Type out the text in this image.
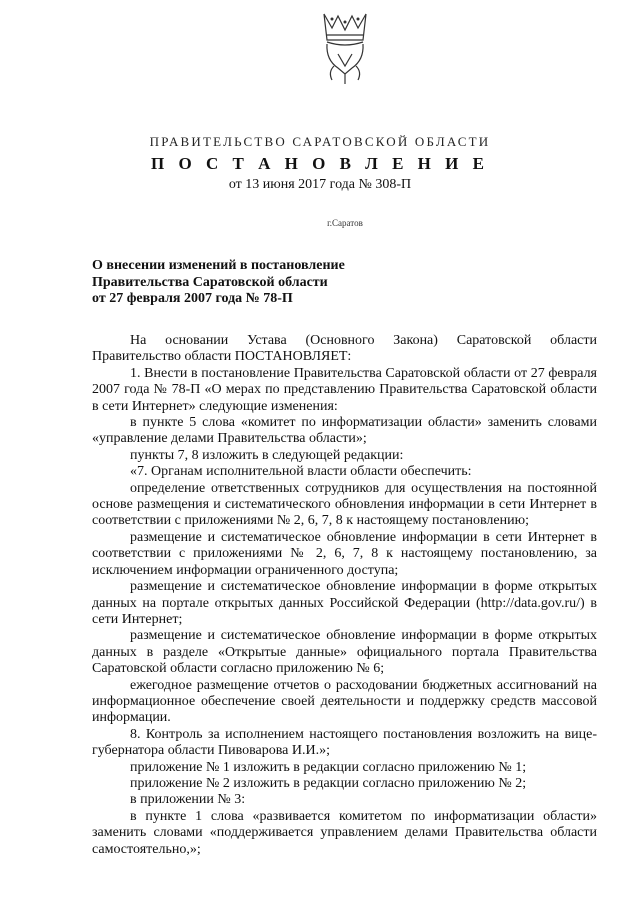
ПРАВИТЕЛЬСТВО САРАТОВСКОЙ ОБЛАСТИ
П О С Т А Н О В Л Е Н И Е
от 13 июня 2017 года № 308-П
г.Саратов
О внесении изменений в постановление
Правительства Саратовской области
от 27 февраля 2007 года № 78-П

На основании Устава (Основного Закона) Саратовской области Правительство области ПОСТАНОВЛЯЕТ:

1. Внести в постановление Правительства Саратовской области от 27 февраля 2007 года № 78-П «О мерах по представлению Правительства Саратовской области в сети Интернет» следующие изменения:

в пункте 5 слова «комитет по информатизации области» заменить словами «управление делами Правительства области»;

пункты 7, 8 изложить в следующей редакции:

«7. Органам исполнительной власти области обеспечить:

определение ответственных сотрудников для осуществления на постоянной основе размещения и систематического обновления информации в сети Интернет в соответствии с приложениями № 2, 6, 7, 8 к настоящему постановлению;

размещение и систематическое обновление информации в сети Интернет в соответствии с приложениями № 2, 6, 7, 8 к настоящему постановлению, за исключением информации ограниченного доступа;

размещение и систематическое обновление информации в форме открытых данных на портале открытых данных Российской Федерации (http://data.gov.ru/) в сети Интернет;

размещение и систематическое обновление информации в форме открытых данных в разделе «Открытые данные» официального портала Правительства Саратовской области согласно приложению № 6;

ежегодное размещение отчетов о расходовании бюджетных ассигнований на информационное обеспечение своей деятельности и поддержку средств массовой информации.

8. Контроль за исполнением настоящего постановления возложить на вице-губернатора области Пивоварова И.И.»;

приложение № 1 изложить в редакции согласно приложению № 1;

приложение № 2 изложить в редакции согласно приложению № 2;

в приложении № 3:

в пункте 1 слова «развивается комитетом по информатизации области» заменить словами «поддерживается управлением делами Правительства области самостоятельно,»;
